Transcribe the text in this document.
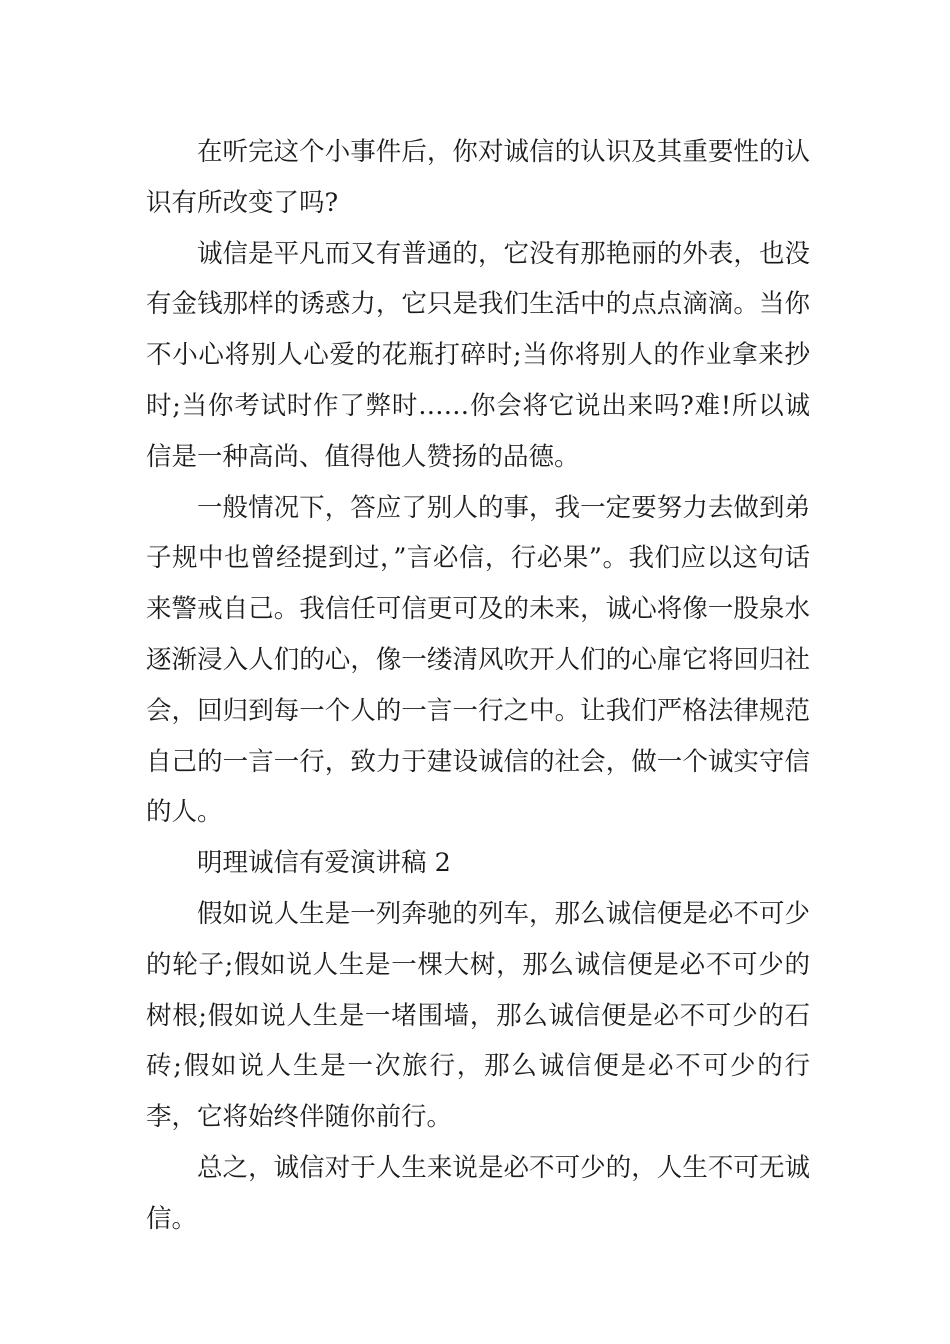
在听完这个小事件后，你对诚信的认识及其重要性的认识有所改变了吗?

诚信是平凡而又有普通的，它没有那艳丽的外表，也没有金钱那样的诱惑力，它只是我们生活中的点点滴滴。当你不小心将别人心爱的花瓶打碎时;当你将别人的作业拿来抄时;当你考试时作了弊时……你会将它说出来吗?难!所以诚信是一种高尚、值得他人赞扬的品德。

一般情况下，答应了别人的事，我一定要努力去做到弟子规中也曾经提到过，”言必信，行必果”。我们应以这句话来警戒自己。我信任可信更可及的未来，诚心将像一股泉水逐渐浸入人们的心，像一缕清风吹开人们的心扉它将回归社会，回归到每一个人的一言一行之中。让我们严格法律规范自己的一言一行，致力于建设诚信的社会，做一个诚实守信的人。

明理诚信有爱演讲稿 2

假如说人生是一列奔驰的列车，那么诚信便是必不可少的轮子;假如说人生是一棵大树，那么诚信便是必不可少的树根;假如说人生是一堵围墙，那么诚信便是必不可少的石砖;假如说人生是一次旅行，那么诚信便是必不可少的行李，它将始终伴随你前行。

总之，诚信对于人生来说是必不可少的，人生不可无诚信。
